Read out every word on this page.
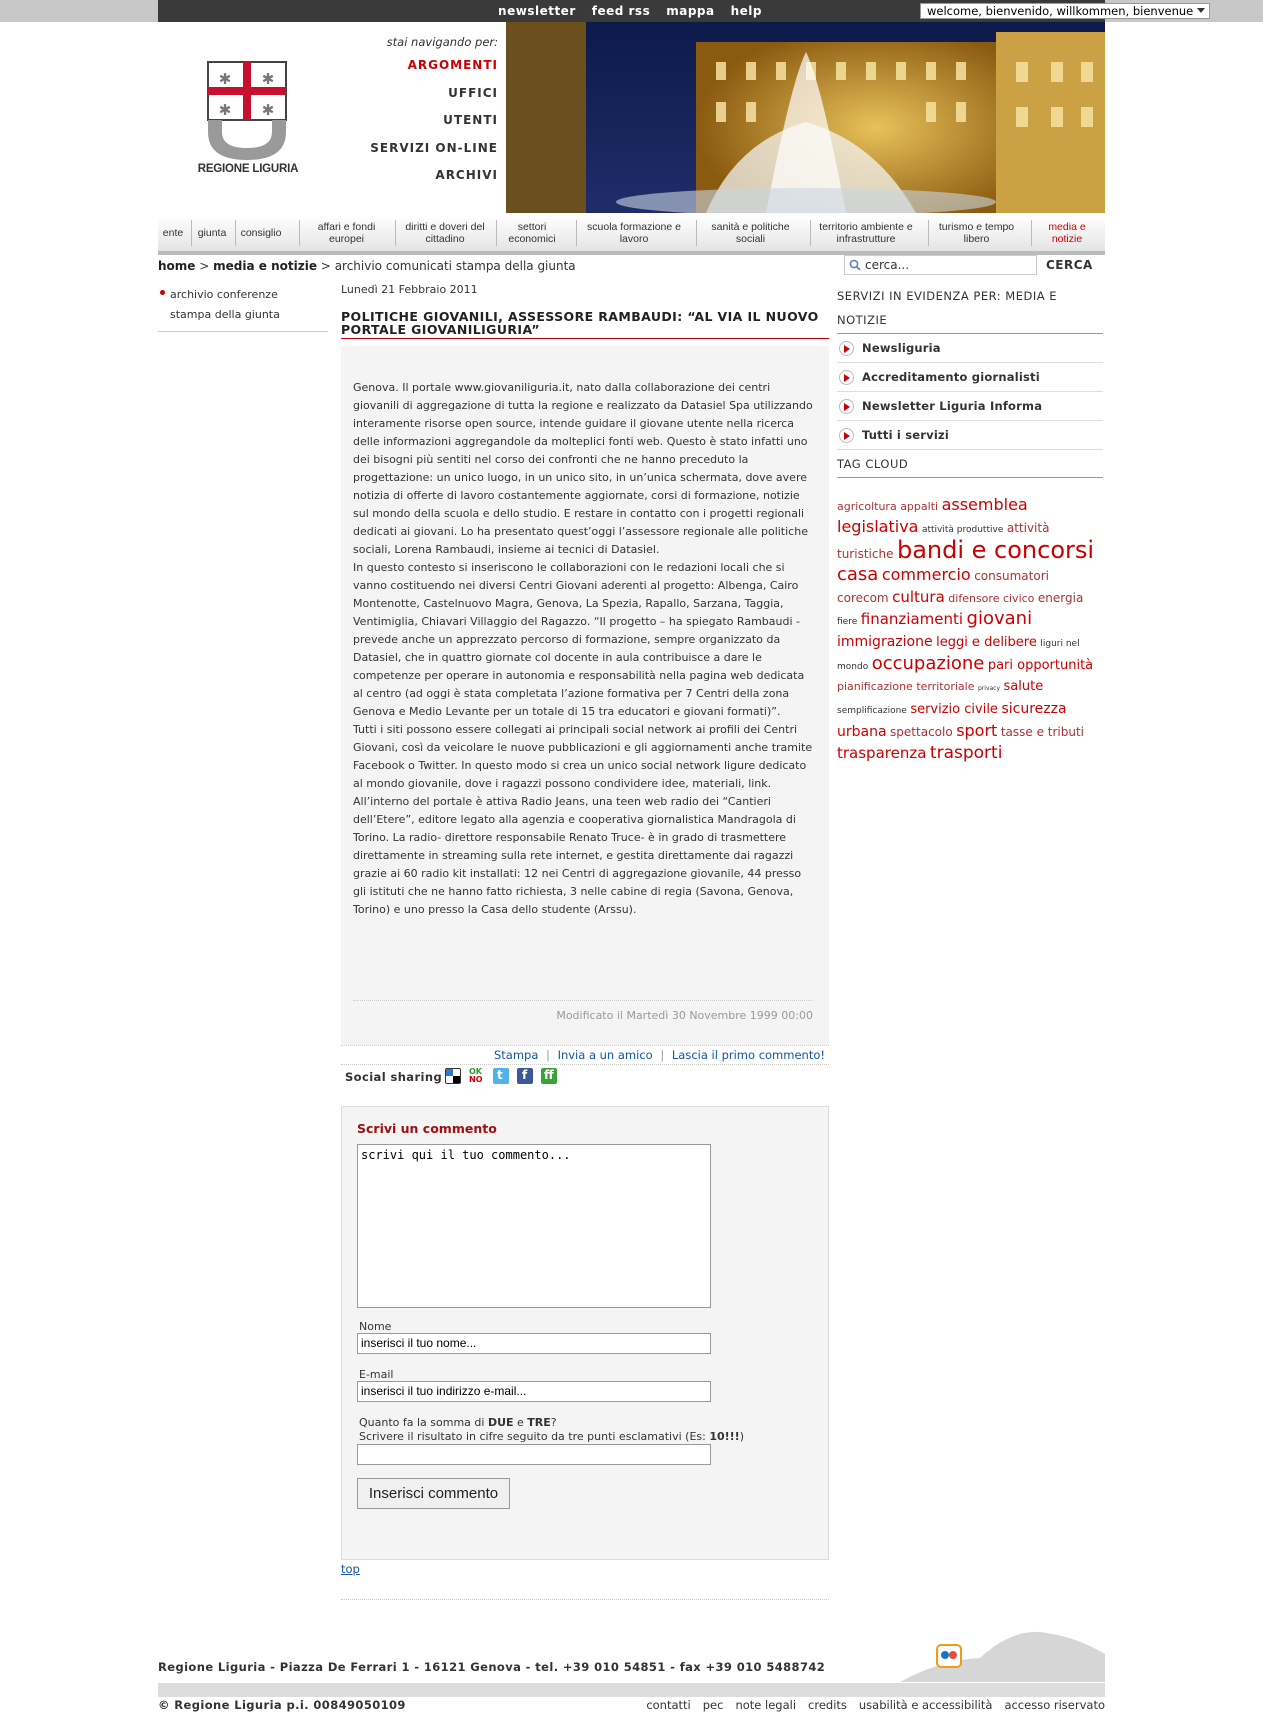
newsletter feed rss mappa help	welcome, bienvenido, willkommen, bienvenue
✱ ✱
✱ ✱
REGIONE LIGURIA
stai navigando per:
ARGOMENTI
UFFICI
UTENTI
SERVIZI ON-LINE
ARCHIVI
ente	giunta	consiglio	affari e fondi europei
diritti e doveri del cittadino
settori economici
scuola formazione e lavoro
sanità e politiche sociali
territorio ambiente e infrastrutture
turismo e tempo libero
media e notizie
home > media e notizie > archivio comunicati stampa della giunta	cerca...	CERCA
archivio conferenze stampa della giunta
Lunedì 21 Febbraio 2011
POLITICHE GIOVANILI, ASSESSORE RAMBAUDI: “AL VIA IL NUOVO PORTALE GIOVANILIGURIA”

Genova. Il portale www.giovaniliguria.it, nato dalla collaborazione dei centri giovanili di aggregazione di tutta la regione e realizzato da Datasiel Spa utilizzando interamente risorse open source, intende guidare il giovane utente nella ricerca delle informazioni aggregandole da molteplici fonti web. Questo è stato infatti uno dei bisogni più sentiti nel corso dei confronti che ne hanno preceduto la progettazione: un unico luogo, in un unico sito, in un’unica schermata, dove avere notizia di offerte di lavoro costantemente aggiornate, corsi di formazione, notizie sul mondo della scuola e dello studio. E restare in contatto con i progetti regionali dedicati ai giovani. Lo ha presentato quest’oggi l’assessore regionale alle politiche sociali, Lorena Rambaudi, insieme ai tecnici di Datasiel.

In questo contesto si inseriscono le collaborazioni con le redazioni locali che si vanno costituendo nei diversi Centri Giovani aderenti al progetto: Albenga, Cairo Montenotte, Castelnuovo Magra, Genova, La Spezia, Rapallo, Sarzana, Taggia, Ventimiglia, Chiavari Villaggio del Ragazzo. “Il progetto – ha spiegato Rambaudi - prevede anche un apprezzato percorso di formazione, sempre organizzato da Datasiel, che in quattro giornate col docente in aula contribuisce a dare le competenze per operare in autonomia e responsabilità nella pagina web dedicata al centro (ad oggi è stata completata l’azione formativa per 7 Centri della zona Genova e Medio Levante per un totale di 15 tra educatori e giovani formati)”.

Tutti i siti possono essere collegati ai principali social network ai profili dei Centri Giovani, così da veicolare le nuove pubblicazioni e gli aggiornamenti anche tramite Facebook o Twitter. In questo modo si crea un unico social network ligure dedicato al mondo giovanile, dove i ragazzi possono condividere idee, materiali, link.

All’interno del portale è attiva Radio Jeans, una teen web radio dei “Cantieri dell’Etere”, editore legato alla agenzia e cooperativa giornalistica Mandragola di Torino. La radio- direttore responsabile Renato Truce- è in grado di trasmettere direttamente in streaming sulla rete internet, e gestita direttamente dai ragazzi grazie ai 60 radio kit installati: 12 nei Centri di aggregazione giovanile, 44 presso gli istituti che ne hanno fatto richiesta, 3 nelle cabine di regia (Savona, Genova, Torino) e uno presso la Casa dello studente (Arssu).

Modificato il Martedì 30 Novembre 1999 00:00
Stampa | Invia a un amico | Lascia il primo commento!
Social sharing	OK
NO t f ff
Scrivi un commento
scrivi qui il tuo commento...
Nome
inserisci il tuo nome...
E-mail
inserisci il tuo indirizzo e-mail...
Quanto fa la somma di DUE e TRE?
Scrivere il risultato in cifre seguito da tre punti esclamativi (Es: 10!!!)
Inserisci commento
top
SERVIZI IN EVIDENZA PER: MEDIA E NOTIZIE
Newsliguria
Accreditamento giornalisti
Newsletter Liguria Informa
Tutti i servizi
TAG CLOUD
agricoltura appalti assemblea legislativa attività produttive attività turistiche bandi e concorsi casa commercio consumatori corecom cultura difensore civico energia fiere finanziamenti giovani immigrazione leggi e delibere liguri nel mondo occupazione pari opportunità pianificazione territoriale privacy salute semplificazione servizio civile sicurezza urbana spettacolo sport tasse e tributi trasparenza trasporti
Regione Liguria - Piazza De Ferrari 1 - 16121 Genova - tel. +39 010 54851 - fax +39 010 5488742
© Regione Liguria p.i. 00849050109	contatti pec note legali credits usabilità e accessibilità accesso riservato
